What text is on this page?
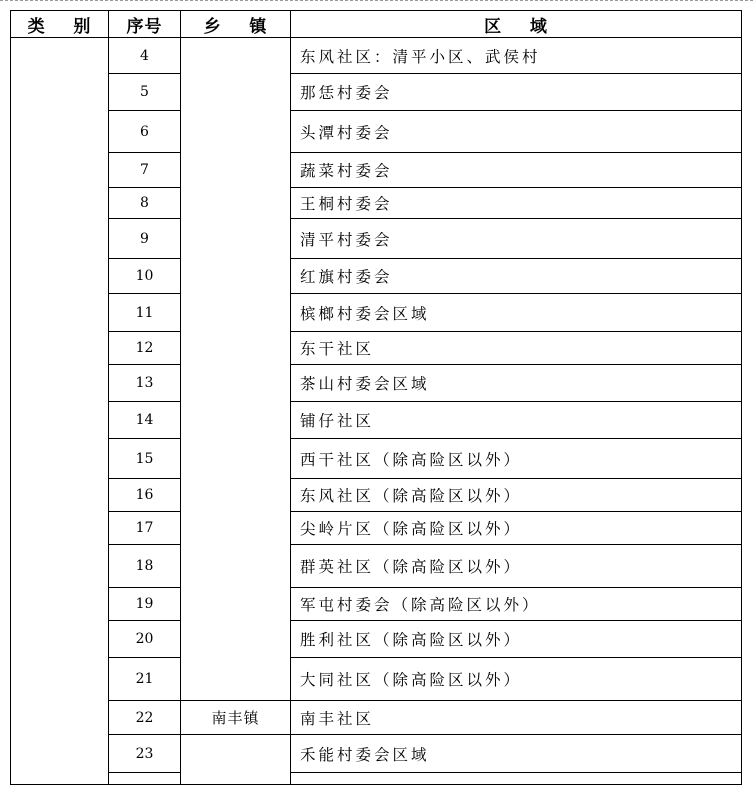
类    别	序号	乡    镇	区    域
	4		东风社区：清平小区、武侯村
	5		那恁村委会
	6		头潭村委会
	7		蔬菜村委会
	8		王桐村委会
	9		清平村委会
	10		红旗村委会
	11		槟榔村委会区域
	12		东干社区
	13		茶山村委会区域
	14		铺仔社区
	15		西干社区（除高险区以外）
	16		东风社区（除高险区以外）
	17		尖岭片区（除高险区以外）
	18		群英社区（除高险区以外）
	19		军屯村委会（除高险区以外）
	20		胜利社区（除高险区以外）
	21		大同社区（除高险区以外）
	22	南丰镇	南丰社区
	23		禾能村委会区域
